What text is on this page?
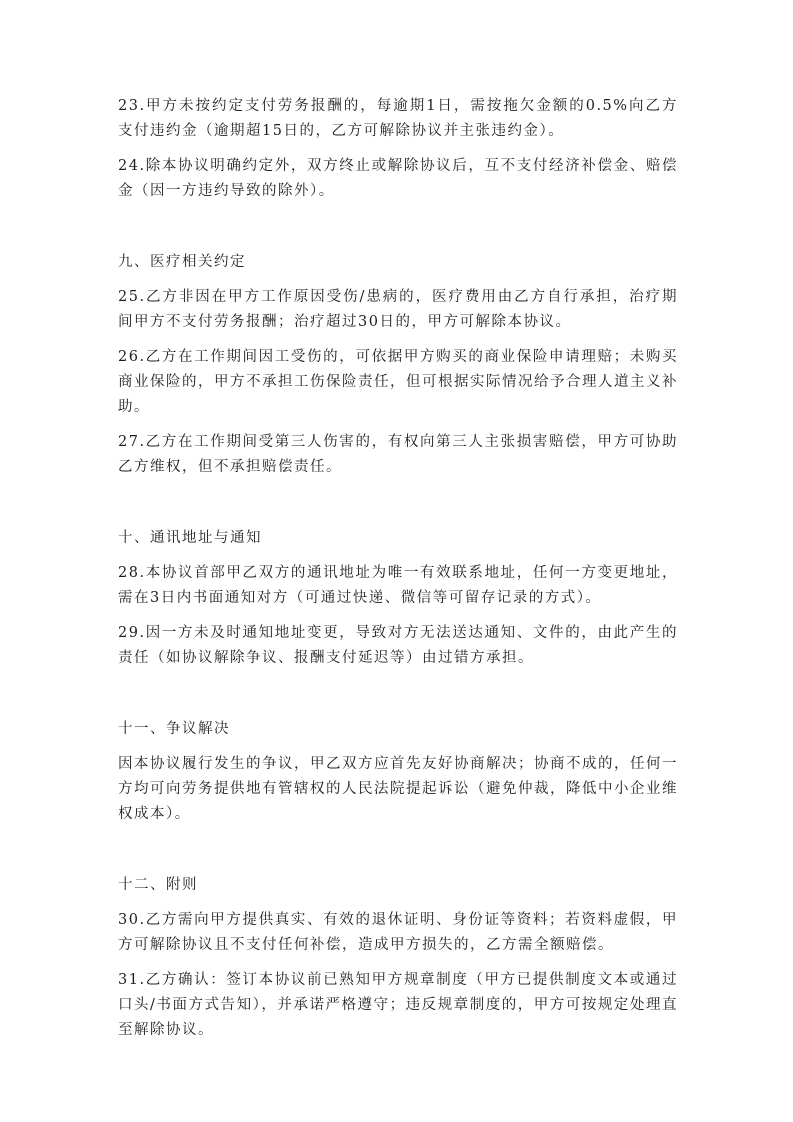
23.甲方未按约定支付劳务报酬的，每逾期1日，需按拖欠金额的0.5%向乙方支付违约金（逾期超15日的，乙方可解除协议并主张违约金）。

24.除本协议明确约定外，双方终止或解除协议后，互不支付经济补偿金、赔偿金（因一方违约导致的除外）。

九、医疗相关约定

25.乙方非因在甲方工作原因受伤/患病的，医疗费用由乙方自行承担，治疗期间甲方不支付劳务报酬；治疗超过30日的，甲方可解除本协议。

26.乙方在工作期间因工受伤的，可依据甲方购买的商业保险申请理赔；未购买商业保险的，甲方不承担工伤保险责任，但可根据实际情况给予合理人道主义补助。

27.乙方在工作期间受第三人伤害的，有权向第三人主张损害赔偿，甲方可协助乙方维权，但不承担赔偿责任。

十、通讯地址与通知

28.本协议首部甲乙双方的通讯地址为唯一有效联系地址，任何一方变更地址，需在3日内书面通知对方（可通过快递、微信等可留存记录的方式）。

29.因一方未及时通知地址变更，导致对方无法送达通知、文件的，由此产生的责任（如协议解除争议、报酬支付延迟等）由过错方承担。

十一、争议解决

因本协议履行发生的争议，甲乙双方应首先友好协商解决；协商不成的，任何一方均可向劳务提供地有管辖权的人民法院提起诉讼（避免仲裁，降低中小企业维权成本）。

十二、附则

30.乙方需向甲方提供真实、有效的退休证明、身份证等资料；若资料虚假，甲方可解除协议且不支付任何补偿，造成甲方损失的，乙方需全额赔偿。

31.乙方确认：签订本协议前已熟知甲方规章制度（甲方已提供制度文本或通过口头/书面方式告知），并承诺严格遵守；违反规章制度的，甲方可按规定处理直至解除协议。
